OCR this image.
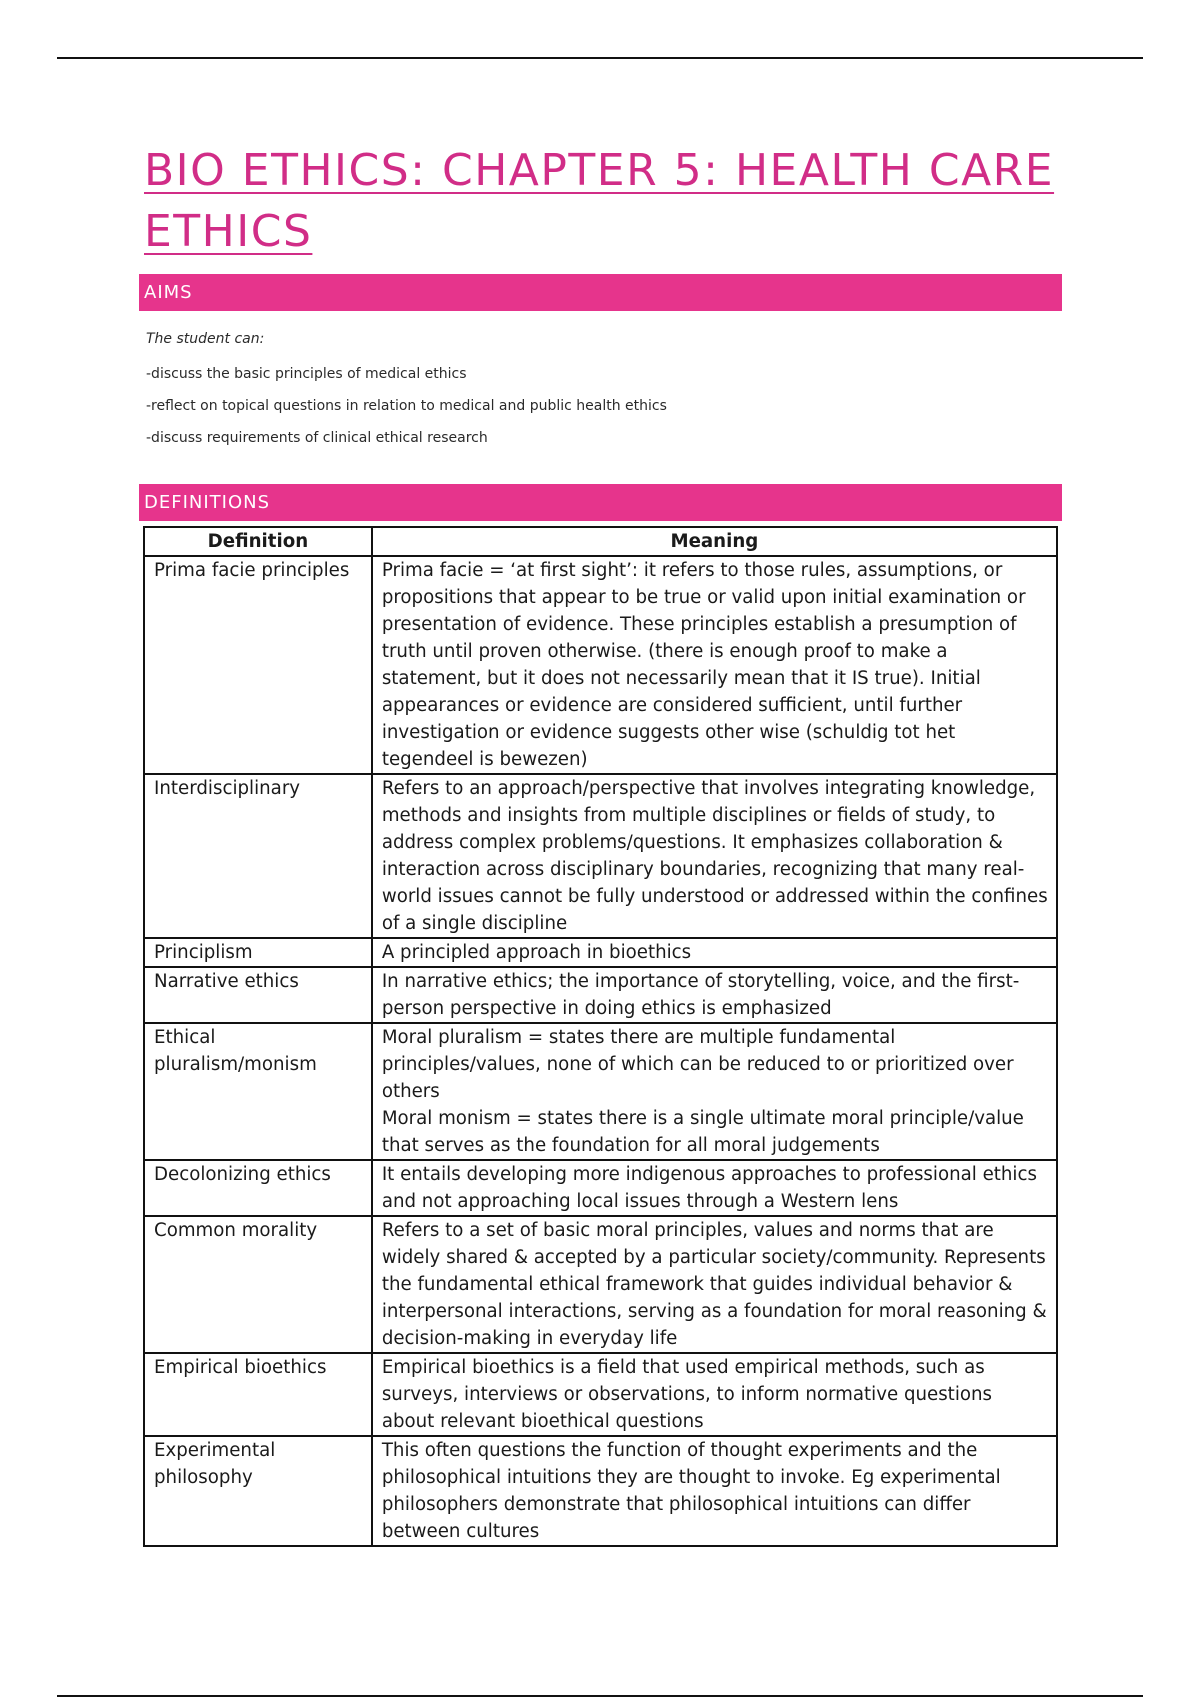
BIO ETHICS: CHAPTER 5: HEALTH CARE ETHICS
AIMS
The student can:
-discuss the basic principles of medical ethics
-reflect on topical questions in relation to medical and public health ethics
-discuss requirements of clinical ethical research
DEFINITIONS
Definition	Meaning
Prima facie principles	Prima facie = ‘at first sight’: it refers to those rules, assumptions, or propositions that appear to be true or valid upon initial examination or presentation of evidence. These principles establish a presumption of truth until proven otherwise. (there is enough proof to make a statement, but it does not necessarily mean that it IS true). Initial appearances or evidence are considered sufficient, until further investigation or evidence suggests other wise (schuldig tot het tegendeel is bewezen)
Interdisciplinary	Refers to an approach/perspective that involves integrating knowledge, methods and insights from multiple disciplines or fields of study, to address complex problems/questions. It emphasizes collaboration & interaction across disciplinary boundaries, recognizing that many real-world issues cannot be fully understood or addressed within the confines of a single discipline
Principlism	A principled approach in bioethics
Narrative ethics	In narrative ethics; the importance of storytelling, voice, and the first-person perspective in doing ethics is emphasized
Ethical pluralism/monism	Moral pluralism = states there are multiple fundamental principles/values, none of which can be reduced to or prioritized over others
Moral monism = states there is a single ultimate moral principle/value that serves as the foundation for all moral judgements

Decolonizing ethics	It entails developing more indigenous approaches to professional ethics and not approaching local issues through a Western lens
Common morality	Refers to a set of basic moral principles, values and norms that are widely shared & accepted by a particular society/community. Represents the fundamental ethical framework that guides individual behavior & interpersonal interactions, serving as a foundation for moral reasoning & decision-making in everyday life
Empirical bioethics	Empirical bioethics is a field that used empirical methods, such as surveys, interviews or observations, to inform normative questions about relevant bioethical questions
Experimental philosophy	This often questions the function of thought experiments and the philosophical intuitions they are thought to invoke. Eg experimental philosophers demonstrate that philosophical intuitions can differ between cultures
